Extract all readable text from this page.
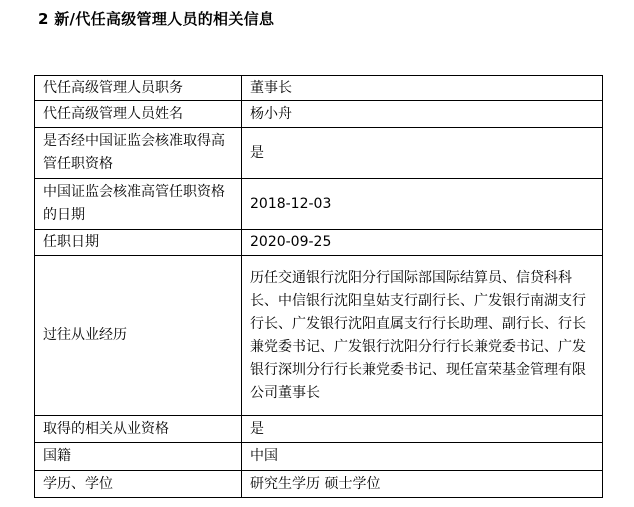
2 新/代任高级管理人员的相关信息
代任高级管理人员职务	董事长
代任高级管理人员姓名	杨小舟
是否经中国证监会核准取得高管任职资格	是
中国证监会核准高管任职资格的日期	2018-12-03
任职日期	2020-09-25
过往从业经历	历任交通银行沈阳分行国际部国际结算员、信贷科科长、中信银行沈阳皇姑支行副行长、广发银行南湖支行行长、广发银行沈阳直属支行行长助理、副行长、行长兼党委书记、广发银行沈阳分行行长兼党委书记、广发银行深圳分行行长兼党委书记、现任富荣基金管理有限公司董事长
取得的相关从业资格	是
国籍	中国
学历、学位	研究生学历 硕士学位
